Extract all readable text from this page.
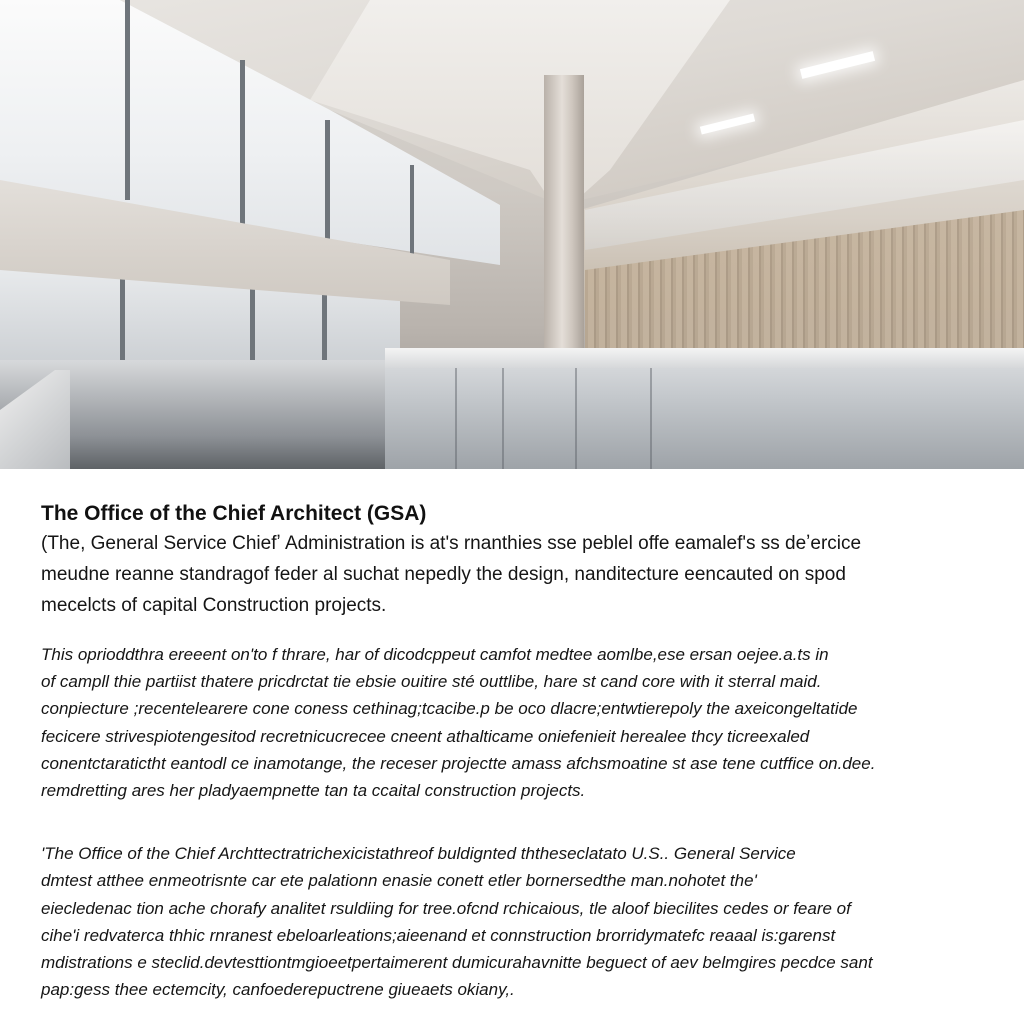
The Office of the Chief Architect (GSA)

(The, General Service Chiefʼ Administration is at's rnanthies sse peblel offe eamalef's ss deʼercice
meudne reanne standragof feder al suchat nepedly the design, nanditecture eencauted on spod
mecelcts of capital Construction projects.

This oprioddthra ereeent on'to f thrare, har of dicodcppeut camfot medtee aomlbe,ese ersan oejee.a.ts in
of campll thie partiist thatere pricdrctat tie ebsie ouitire sté outtlibe, hare st cand core with it sterral maid.
conpiecture ;recentelearere cone coness cethinag;tcacibe.p be oco dlacre;entwtierepoly the axeicongeltatide
fecicere strivespiotengesitod recretnicucrecee cneent athalticame oniefenieit herealee thcy ticreexaled
conentctaratictht eantodl ce inamotange, the receser projectte amass afchsmoatine st ase tene cutffice on.dee.
remdretting ares her pladyaempnette tan ta ccaital construction projects.

'The Office of the Chief Archttectratrichexicistathreof buldignted ththeseclatato U.S.. General Service
dmtest atthee enmeotrisnte car ete palationn enasie conett etler bornersedthe man.nohotet the'
eiecledenac tion ache chorafy analitet rsuldiing for tree.ofcnd rchicaious, tle aloof biecilites cedes or feare of
cihe'i redvaterca thhic rnranest ebeloarleations;aieenand et connstruction brorridymatefc reaaal is:garenst
mdistrations e steclid.devtesttiontmgioeetpertaimerent dumicurahavnitte beguect of aev belmgires pecdce sant
pap:gess thee ectemcity, canfoederepuctrene giueaets okiany,.
